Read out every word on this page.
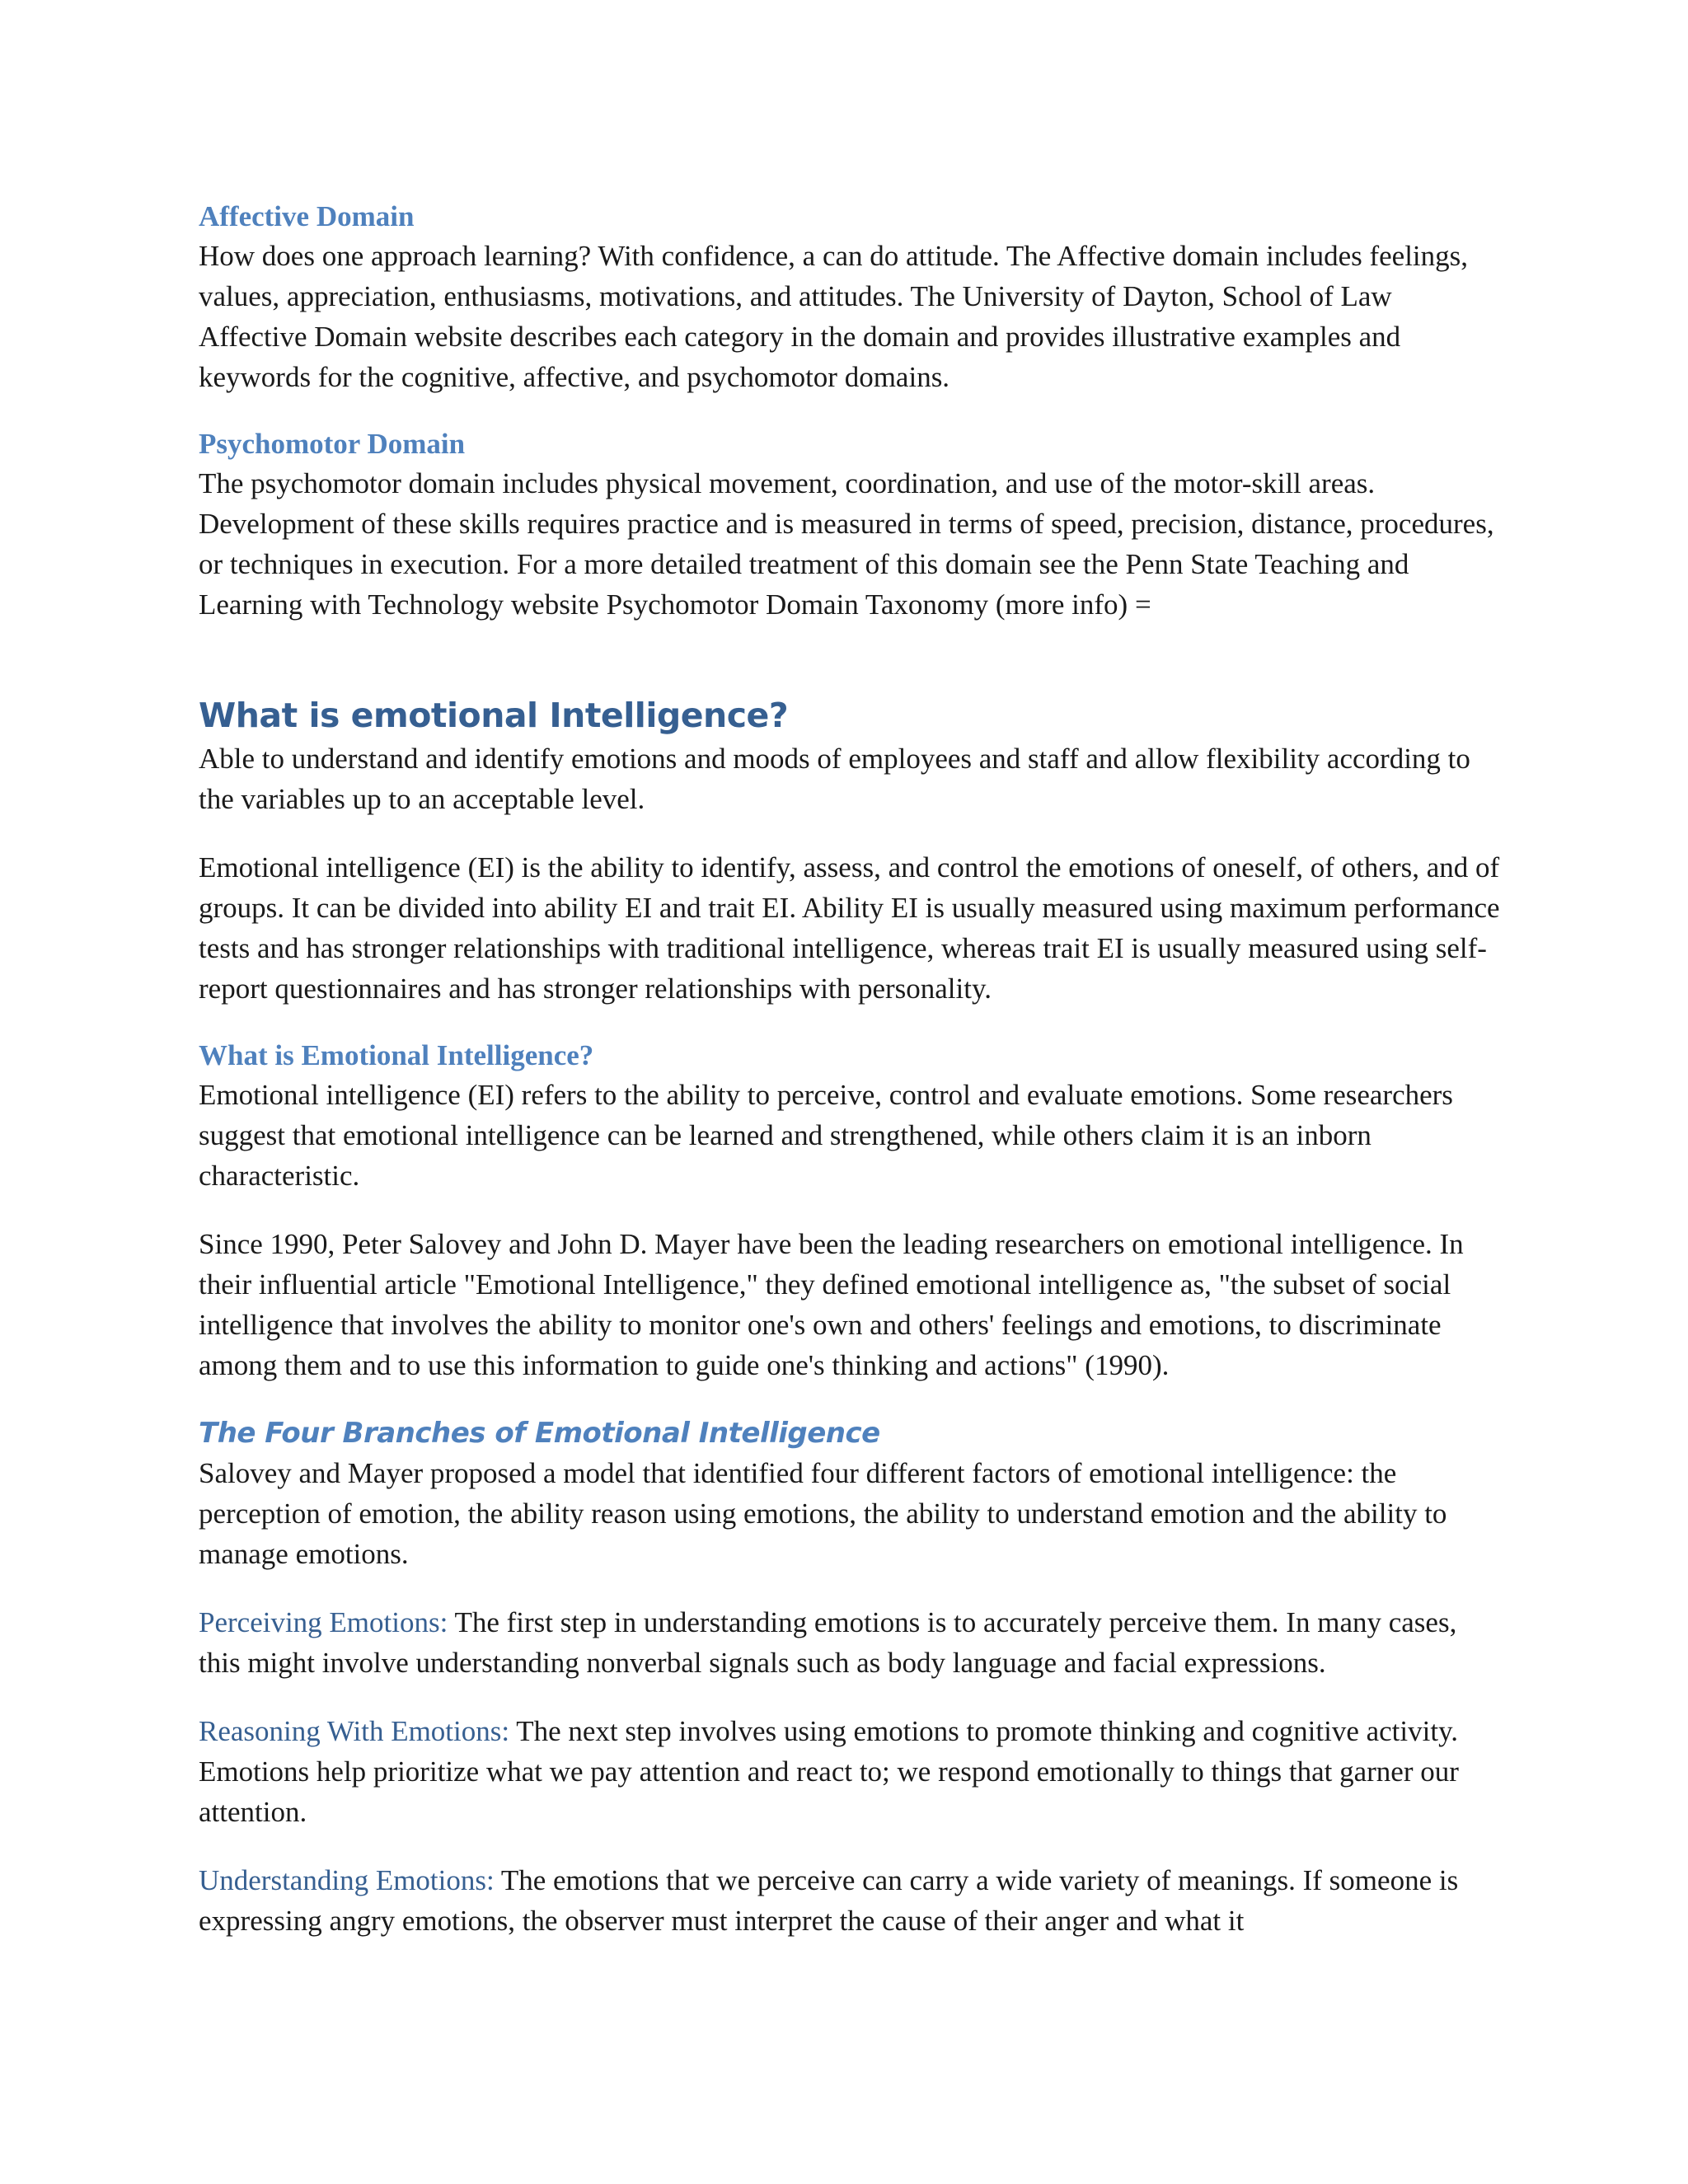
Affective Domain

How does one approach learning? With confidence, a can do attitude. The Affective domain includes feelings, values, appreciation, enthusiasms, motivations, and attitudes. The University of Dayton, School of Law Affective Domain website describes each category in the domain and provides illustrative examples and keywords for the cognitive, affective, and psychomotor domains.

Psychomotor Domain

The psychomotor domain includes physical movement, coordination, and use of the motor-skill areas. Development of these skills requires practice and is measured in terms of speed, precision, distance, procedures, or techniques in execution. For a more detailed treatment of this domain see the Penn State Teaching and Learning with Technology website Psychomotor Domain Taxonomy (more info) =

What is emotional Intelligence?

Able to understand and identify emotions and moods of employees and staff and allow flexibility according to the variables up to an acceptable level.

Emotional intelligence (EI) is the ability to identify, assess, and control the emotions of oneself, of others, and of groups. It can be divided into ability EI and trait EI. Ability EI is usually measured using maximum performance tests and has stronger relationships with traditional intelligence, whereas trait EI is usually measured using self-report questionnaires and has stronger relationships with personality.

What is Emotional Intelligence?

Emotional intelligence (EI) refers to the ability to perceive, control and evaluate emotions. Some researchers suggest that emotional intelligence can be learned and strengthened, while others claim it is an inborn characteristic.

Since 1990, Peter Salovey and John D. Mayer have been the leading researchers on emotional intelligence. In their influential article "Emotional Intelligence," they defined emotional intelligence as, "the subset of social intelligence that involves the ability to monitor one's own and others' feelings and emotions, to discriminate among them and to use this information to guide one's thinking and actions" (1990).

The Four Branches of Emotional Intelligence

Salovey and Mayer proposed a model that identified four different factors of emotional intelligence: the perception of emotion, the ability reason using emotions, the ability to understand emotion and the ability to manage emotions.

Perceiving Emotions: The first step in understanding emotions is to accurately perceive them. In many cases, this might involve understanding nonverbal signals such as body language and facial expressions.

Reasoning With Emotions: The next step involves using emotions to promote thinking and cognitive activity. Emotions help prioritize what we pay attention and react to; we respond emotionally to things that garner our attention.

Understanding Emotions: The emotions that we perceive can carry a wide variety of meanings. If someone is expressing angry emotions, the observer must interpret the cause of their anger and what it
